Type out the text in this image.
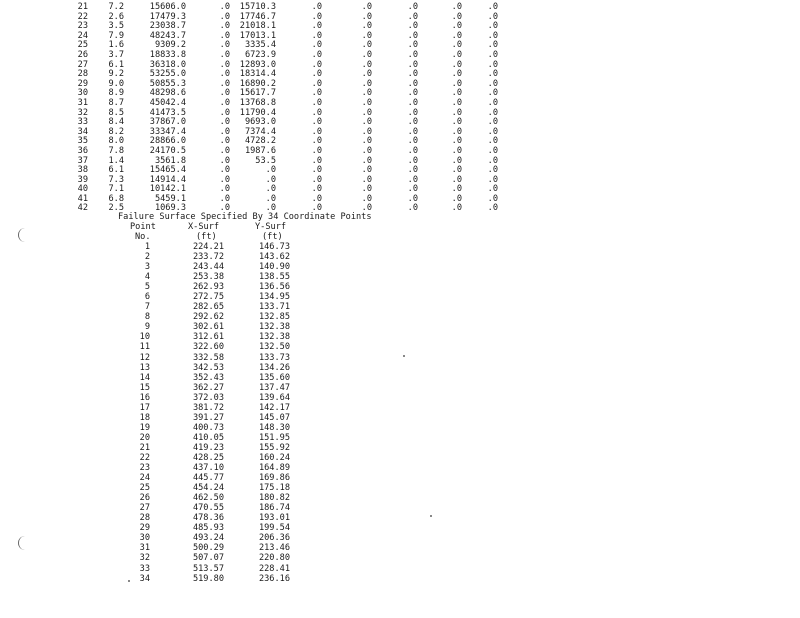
21	7.2	15606.0	.0	15710.3	.0	.0	.0	.0	.0
22	2.6	17479.3	.0	17746.7	.0	.0	.0	.0	.0
23	3.5	23038.7	.0	21018.1	.0	.0	.0	.0	.0
24	7.9	48243.7	.0	17013.1	.0	.0	.0	.0	.0
25	1.6	9309.2	.0	3335.4	.0	.0	.0	.0	.0
26	3.7	18833.8	.0	6723.9	.0	.0	.0	.0	.0
27	6.1	36318.0	.0	12893.0	.0	.0	.0	.0	.0
28	9.2	53255.0	.0	18314.4	.0	.0	.0	.0	.0
29	9.0	50855.3	.0	16890.2	.0	.0	.0	.0	.0
30	8.9	48298.6	.0	15617.7	.0	.0	.0	.0	.0
31	8.7	45042.4	.0	13768.8	.0	.0	.0	.0	.0
32	8.5	41473.5	.0	11790.4	.0	.0	.0	.0	.0
33	8.4	37867.0	.0	9693.0	.0	.0	.0	.0	.0
34	8.2	33347.4	.0	7374.4	.0	.0	.0	.0	.0
35	8.0	28866.0	.0	4728.2	.0	.0	.0	.0	.0
36	7.8	24170.5	.0	1987.6	.0	.0	.0	.0	.0
37	1.4	3561.8	.0	53.5	.0	.0	.0	.0	.0
38	6.1	15465.4	.0	.0	.0	.0	.0	.0	.0
39	7.3	14914.4	.0	.0	.0	.0	.0	.0	.0
40	7.1	10142.1	.0	.0	.0	.0	.0	.0	.0
41	6.8	5459.1	.0	.0	.0	.0	.0	.0	.0
42	2.5	1069.3	.0	.0	.0	.0	.0	.0	.0
Failure Surface Specified By 34 Coordinate Points
Point
No.
X-Surf
(ft)
Y-Surf
(ft)
1	224.21	146.73
2	233.72	143.62
3	243.44	140.90
4	253.38	138.55
5	262.93	136.56
6	272.75	134.95
7	282.65	133.71
8	292.62	132.85
9	302.61	132.38
10	312.61	132.38
11	322.60	132.50
12	332.58	133.73
13	342.53	134.26
14	352.43	135.60
15	362.27	137.47
16	372.03	139.64
17	381.72	142.17
18	391.27	145.07
19	400.73	148.30
20	410.05	151.95
21	419.23	155.92
22	428.25	160.24
23	437.10	164.89
24	445.77	169.86
25	454.24	175.18
26	462.50	180.82
27	470.55	186.74
28	478.36	193.01
29	485.93	199.54
30	493.24	206.36
31	500.29	213.46
32	507.07	220.80
33	513.57	228.41
34	519.80	236.16
